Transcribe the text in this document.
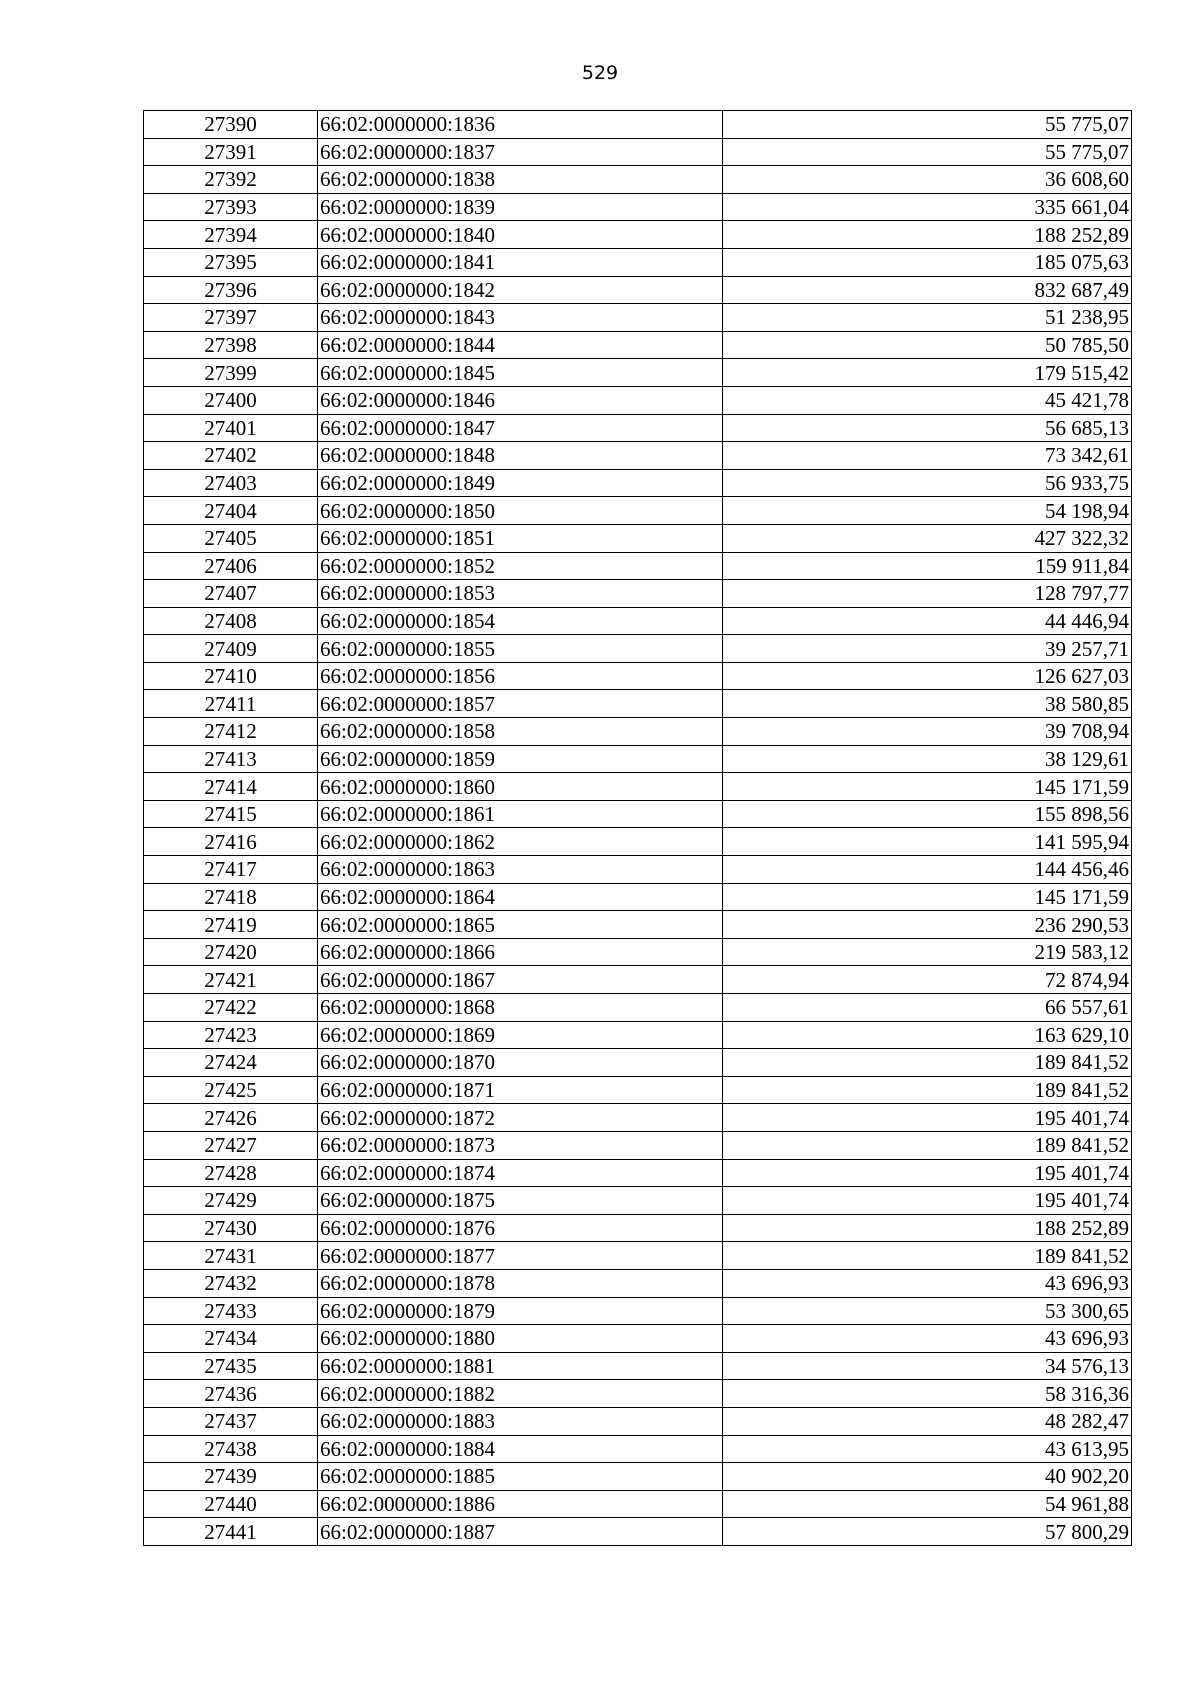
529
27390	66:02:0000000:1836	55 775,07
27391	66:02:0000000:1837	55 775,07
27392	66:02:0000000:1838	36 608,60
27393	66:02:0000000:1839	335 661,04
27394	66:02:0000000:1840	188 252,89
27395	66:02:0000000:1841	185 075,63
27396	66:02:0000000:1842	832 687,49
27397	66:02:0000000:1843	51 238,95
27398	66:02:0000000:1844	50 785,50
27399	66:02:0000000:1845	179 515,42
27400	66:02:0000000:1846	45 421,78
27401	66:02:0000000:1847	56 685,13
27402	66:02:0000000:1848	73 342,61
27403	66:02:0000000:1849	56 933,75
27404	66:02:0000000:1850	54 198,94
27405	66:02:0000000:1851	427 322,32
27406	66:02:0000000:1852	159 911,84
27407	66:02:0000000:1853	128 797,77
27408	66:02:0000000:1854	44 446,94
27409	66:02:0000000:1855	39 257,71
27410	66:02:0000000:1856	126 627,03
27411	66:02:0000000:1857	38 580,85
27412	66:02:0000000:1858	39 708,94
27413	66:02:0000000:1859	38 129,61
27414	66:02:0000000:1860	145 171,59
27415	66:02:0000000:1861	155 898,56
27416	66:02:0000000:1862	141 595,94
27417	66:02:0000000:1863	144 456,46
27418	66:02:0000000:1864	145 171,59
27419	66:02:0000000:1865	236 290,53
27420	66:02:0000000:1866	219 583,12
27421	66:02:0000000:1867	72 874,94
27422	66:02:0000000:1868	66 557,61
27423	66:02:0000000:1869	163 629,10
27424	66:02:0000000:1870	189 841,52
27425	66:02:0000000:1871	189 841,52
27426	66:02:0000000:1872	195 401,74
27427	66:02:0000000:1873	189 841,52
27428	66:02:0000000:1874	195 401,74
27429	66:02:0000000:1875	195 401,74
27430	66:02:0000000:1876	188 252,89
27431	66:02:0000000:1877	189 841,52
27432	66:02:0000000:1878	43 696,93
27433	66:02:0000000:1879	53 300,65
27434	66:02:0000000:1880	43 696,93
27435	66:02:0000000:1881	34 576,13
27436	66:02:0000000:1882	58 316,36
27437	66:02:0000000:1883	48 282,47
27438	66:02:0000000:1884	43 613,95
27439	66:02:0000000:1885	40 902,20
27440	66:02:0000000:1886	54 961,88
27441	66:02:0000000:1887	57 800,29
